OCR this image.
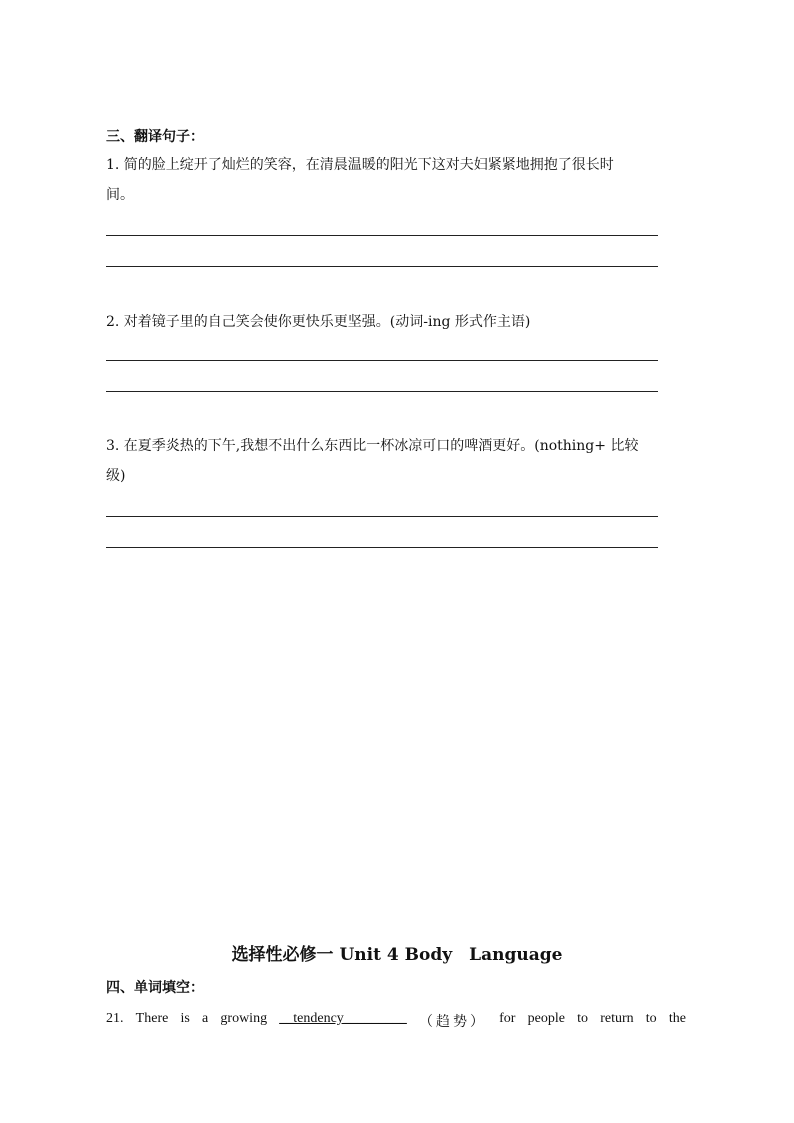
三、翻译句子：
1. 简的脸上绽开了灿烂的笑容，在清晨温暖的阳光下这对夫妇紧紧地拥抱了很长时
间。
2. 对着镜子里的自己笑会使你更快乐更坚强。(动词-ing 形式作主语)
3. 在夏季炎热的下午,我想不出什么东西比一杯冰凉可口的啤酒更好。(nothing+ 比较
级)
选择性必修一 Unit 4 Body　Language
四、单词填空：
21. There is a growing __tendency_________ （趋势） for people to return to the
